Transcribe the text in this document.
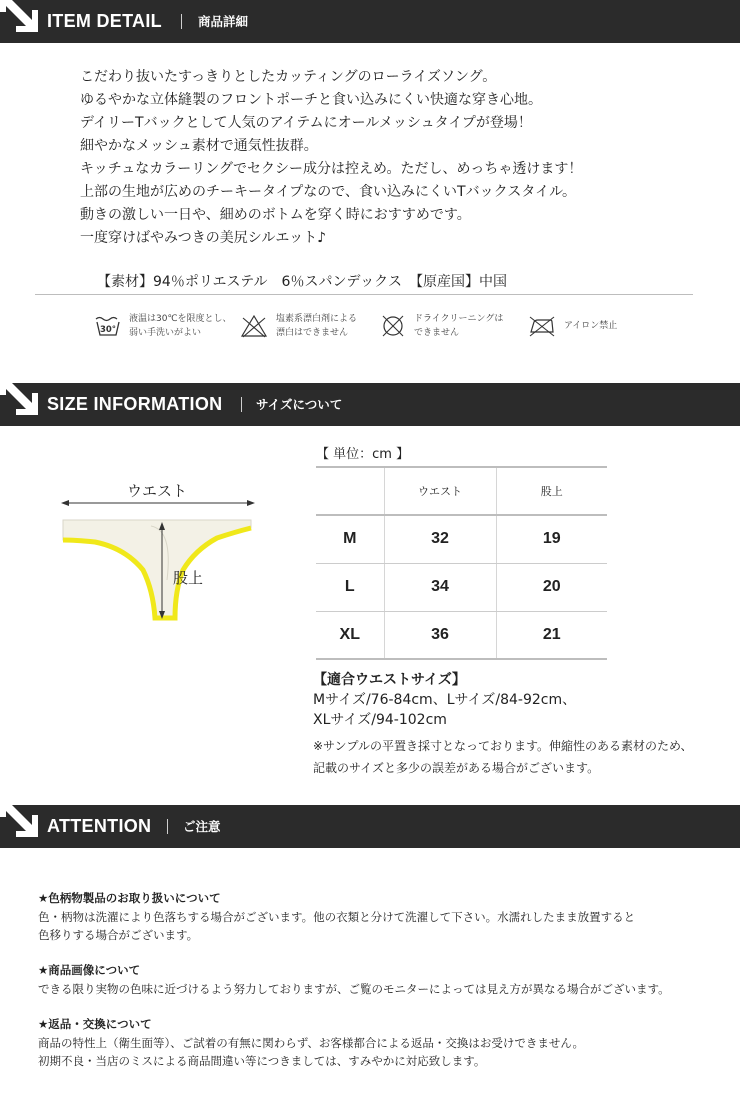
ITEM DETAIL	商品詳細

こだわり抜いたすっきりとしたカッティングのローライズソング。

ゆるやかな立体縫製のフロントポーチと食い込みにくい快適な穿き心地。

デイリーTバックとして人気のアイテムにオールメッシュタイプが登場！

細やかなメッシュ素材で通気性抜群。

キッチュなカラーリングでセクシー成分は控えめ。ただし、めっちゃ透けます！

上部の生地が広めのチーキータイプなので、食い込みにくいTバックスタイル。

動きの激しい一日や、細めのボトムを穿く時におすすめです。

一度穿けばやみつきの美尻シルエット♪

【素材】94％ポリエステル　6％スパンデックス　【原産国】中国
30°
液温は30℃を限度とし、
弱い手洗いがよい
塩素系漂白剤による
漂白はできません
ドライクリーニングは
できません
アイロン禁止
SIZE INFORMATION	サイズについて
ウエスト
股上
【 単位：cm 】
	ウエスト	股上
M	32	19
L	34	20
XL	36	21
【適合ウエストサイズ】
Mサイズ/76-84cm、Lサイズ/84-92cm、
XLサイズ/94-102cm
※サンプルの平置き採寸となっております。伸縮性のある素材のため、
記載のサイズと多少の誤差がある場合がございます。
ATTENTION	ご注意
★色柄物製品のお取り扱いについて
色・柄物は洗濯により色落ちする場合がございます。他の衣類と分けて洗濯して下さい。水濡れしたまま放置すると
色移りする場合がございます。
★商品画像について
できる限り実物の色味に近づけるよう努力しておりますが、ご覧のモニターによっては見え方が異なる場合がございます。
★返品・交換について
商品の特性上（衛生面等）、ご試着の有無に関わらず、お客様都合による返品・交換はお受けできません。
初期不良・当店のミスによる商品間違い等につきましては、すみやかに対応致します。
